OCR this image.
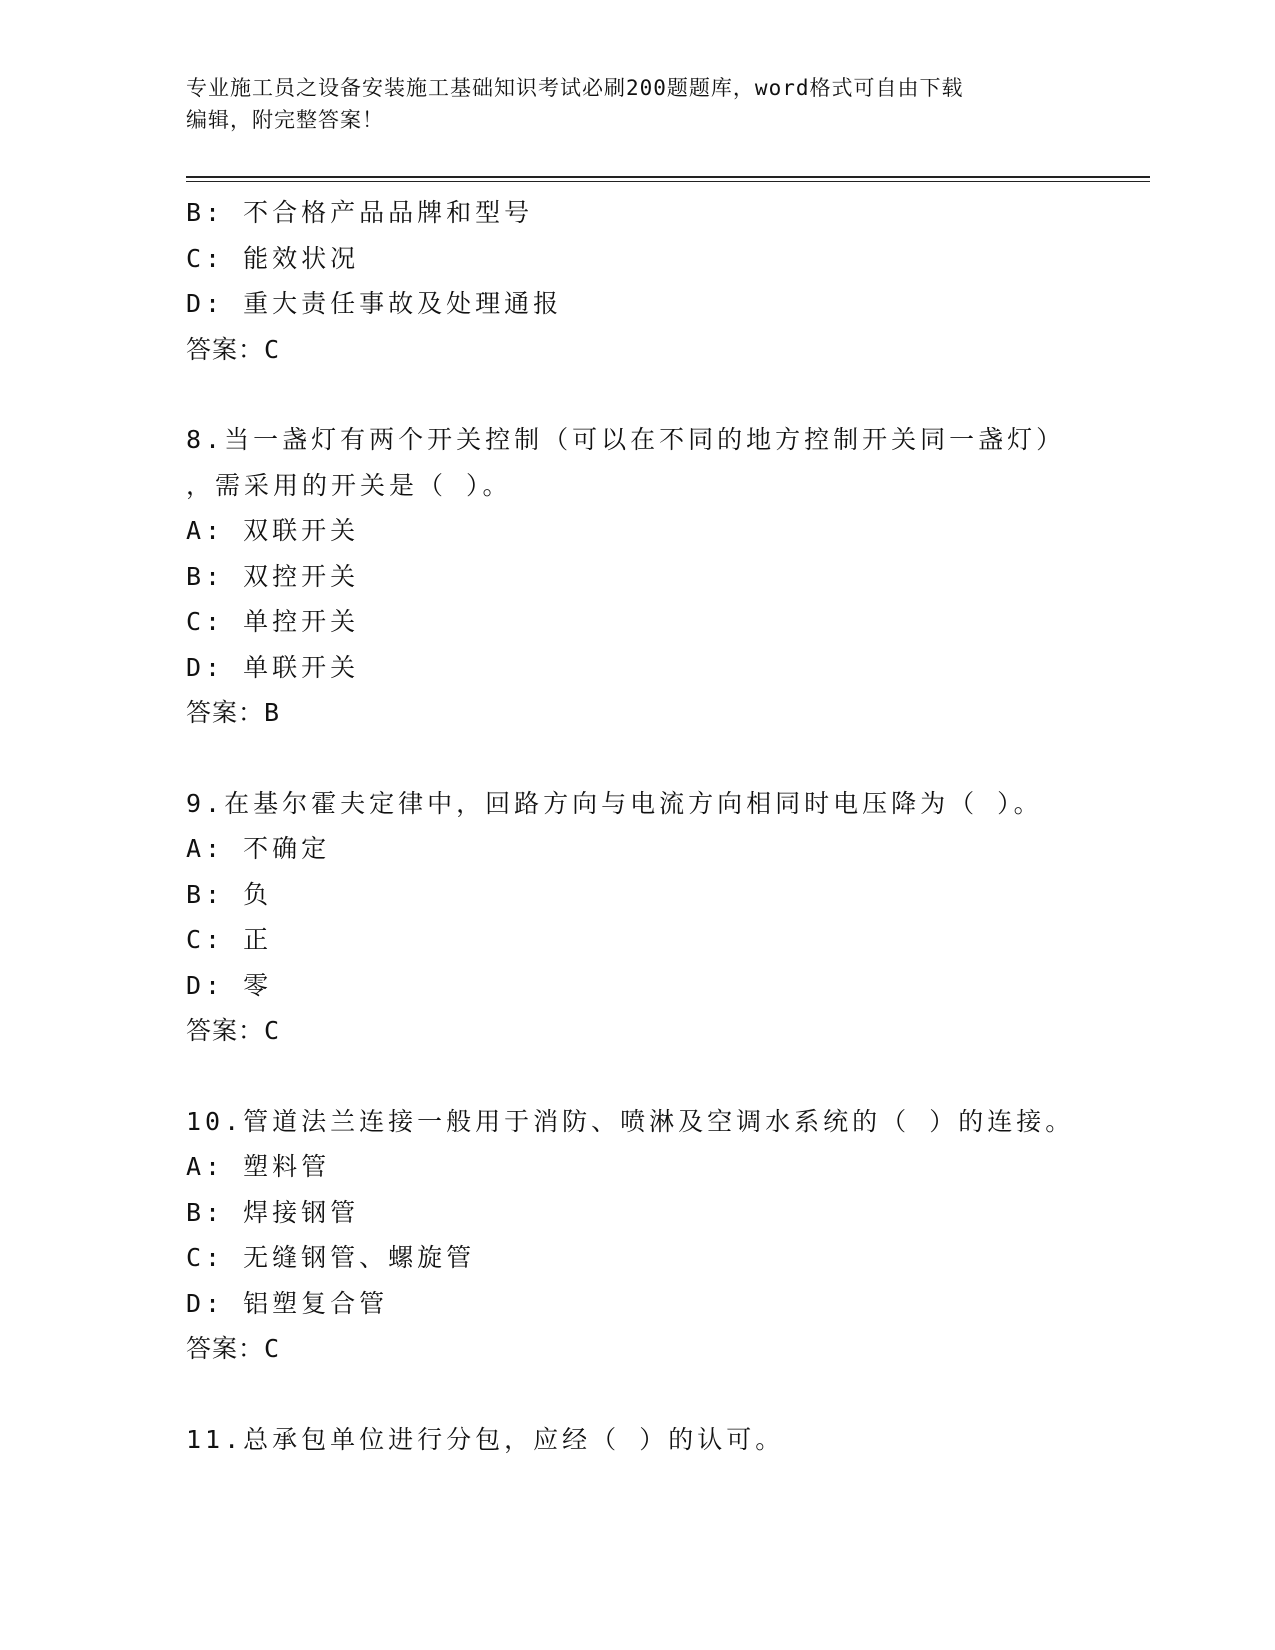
专业施工员之设备安装施工基础知识考试必刷200题题库，word格式可自由下载
编辑，附完整答案！
B: 不合格产品品牌和型号
C: 能效状况
D: 重大责任事故及处理通报
答案：C
8.当一盏灯有两个开关控制（可以在不同的地方控制开关同一盏灯）
，需采用的开关是（ ）。
A: 双联开关
B: 双控开关
C: 单控开关
D: 单联开关
答案：B
9.在基尔霍夫定律中，回路方向与电流方向相同时电压降为（ ）。
A: 不确定
B: 负
C: 正
D: 零
答案：C
10.管道法兰连接一般用于消防、喷淋及空调水系统的（ ）的连接。
A: 塑料管
B: 焊接钢管
C: 无缝钢管、螺旋管
D: 铝塑复合管
答案：C
11.总承包单位进行分包，应经（ ）的认可。
